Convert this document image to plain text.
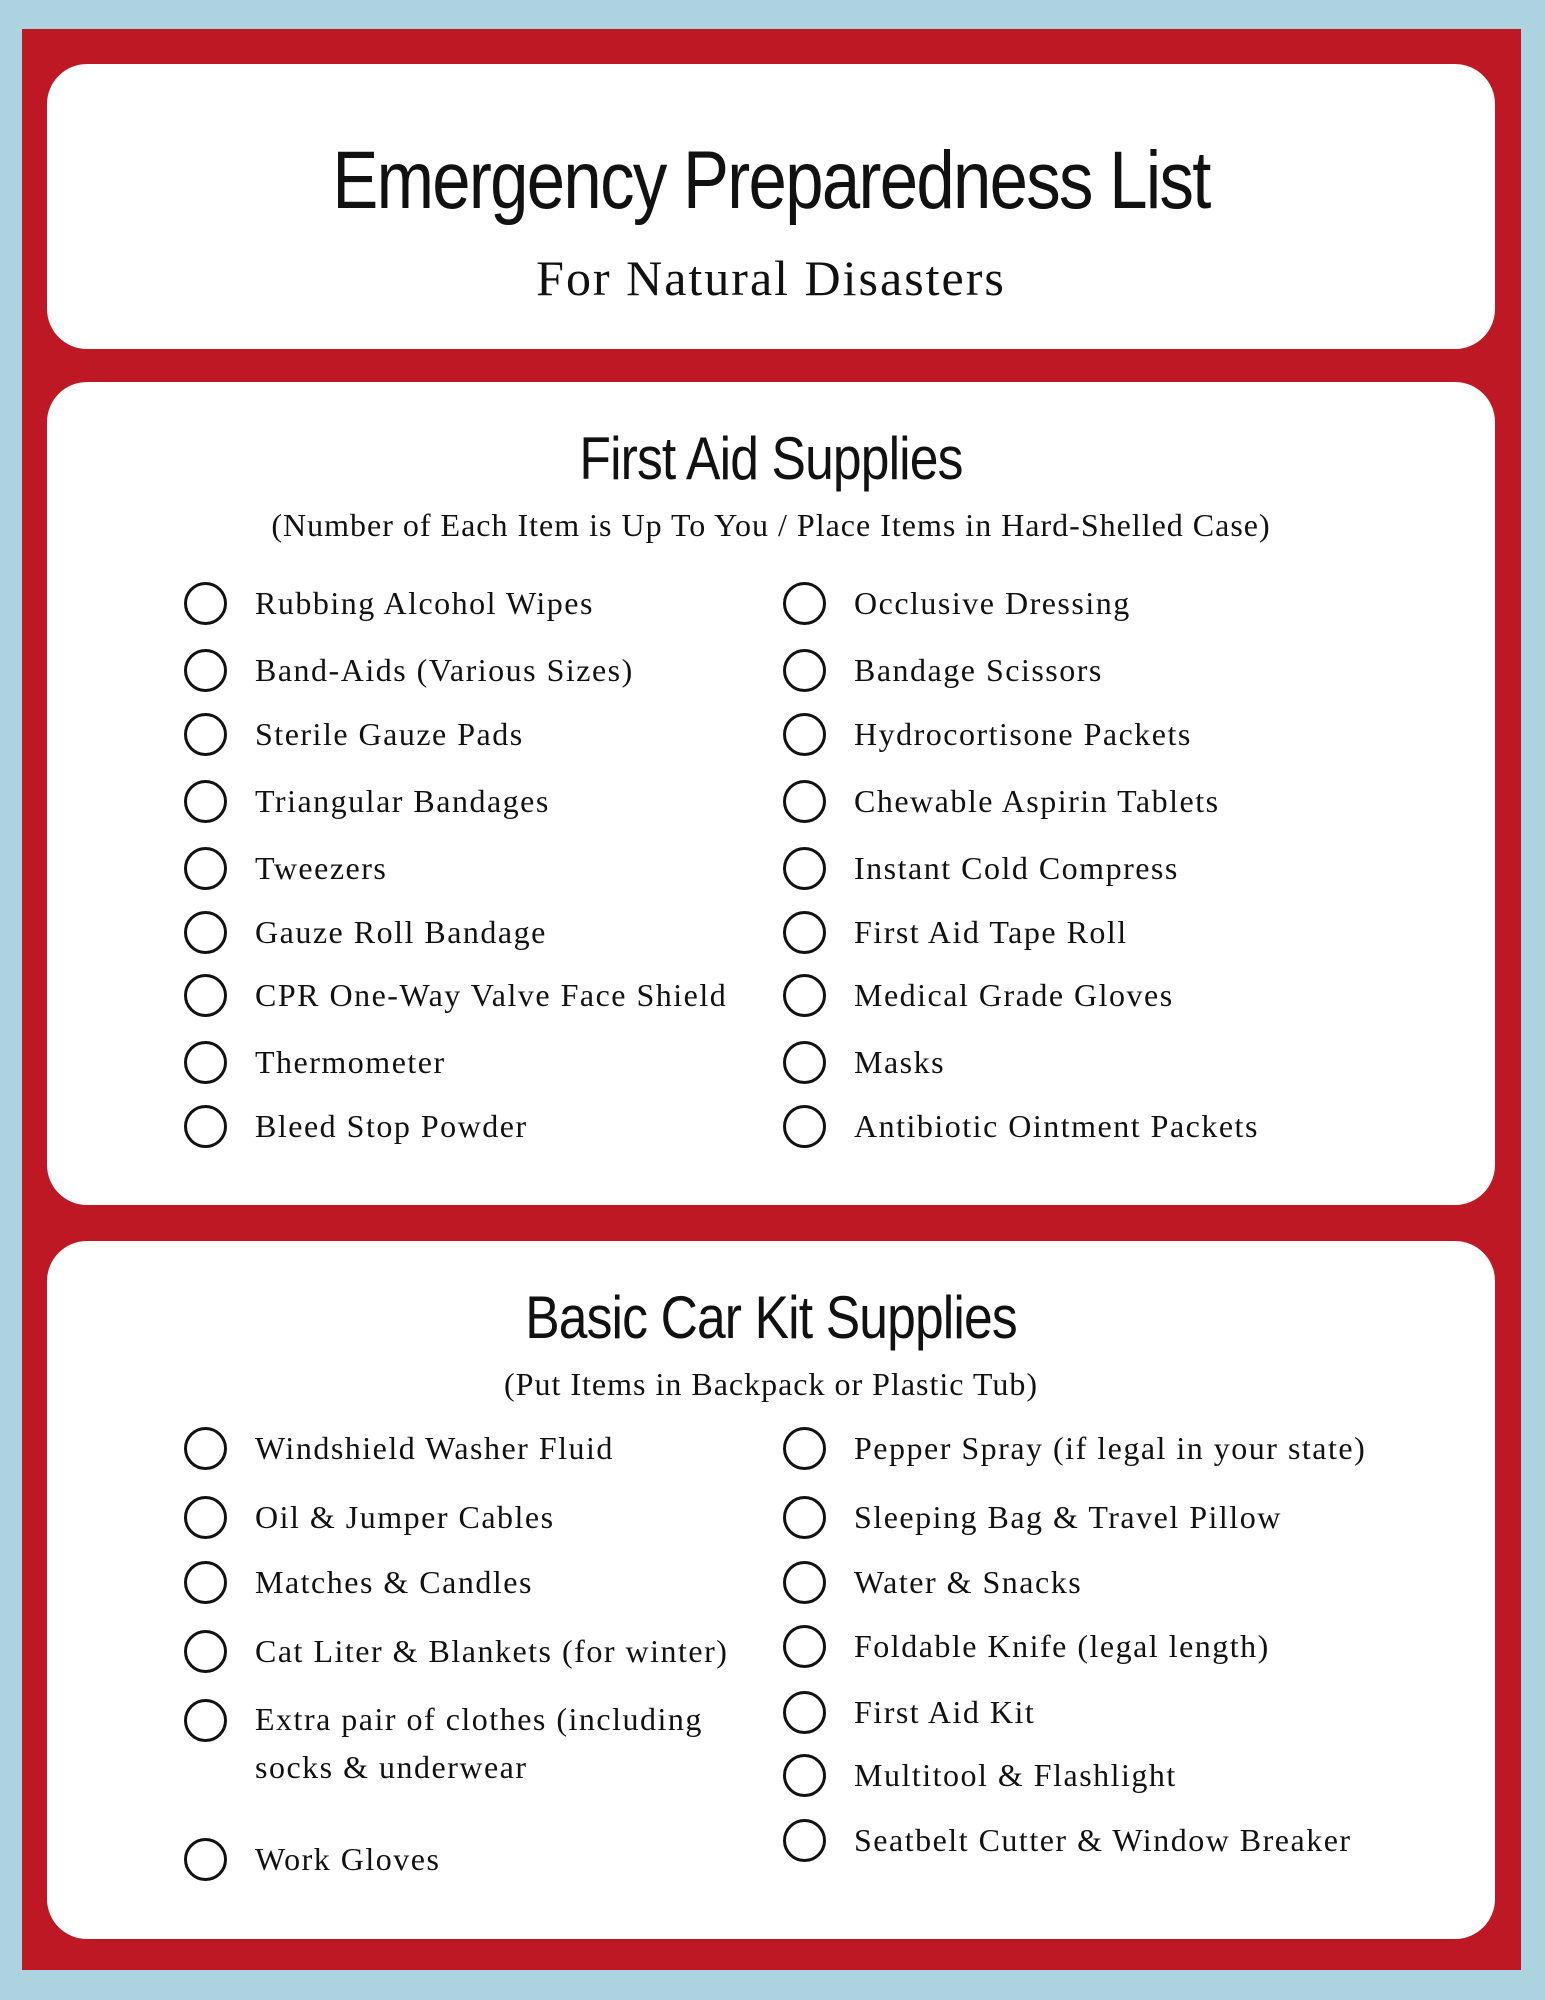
Emergency Preparedness List
For Natural Disasters
First Aid Supplies
(Number of Each Item is Up To You / Place Items in Hard-Shelled Case)
Rubbing Alcohol Wipes
Band-Aids (Various Sizes)
Sterile Gauze Pads
Triangular Bandages
Tweezers
Gauze Roll Bandage
CPR One-Way Valve Face Shield
Thermometer
Bleed Stop Powder
Occlusive Dressing
Bandage Scissors
Hydrocortisone Packets
Chewable Aspirin Tablets
Instant Cold Compress
First Aid Tape Roll
Medical Grade Gloves
Masks
Antibiotic Ointment Packets
Basic Car Kit Supplies
(Put Items in Backpack or Plastic Tub)
Windshield Washer Fluid
Oil & Jumper Cables
Matches & Candles
Cat Liter & Blankets (for winter)
Extra pair of clothes (including socks & underwear
Work Gloves
Pepper Spray (if legal in your state)
Sleeping Bag & Travel Pillow
Water & Snacks
Foldable Knife (legal length)
First Aid Kit
Multitool & Flashlight
Seatbelt Cutter & Window Breaker
